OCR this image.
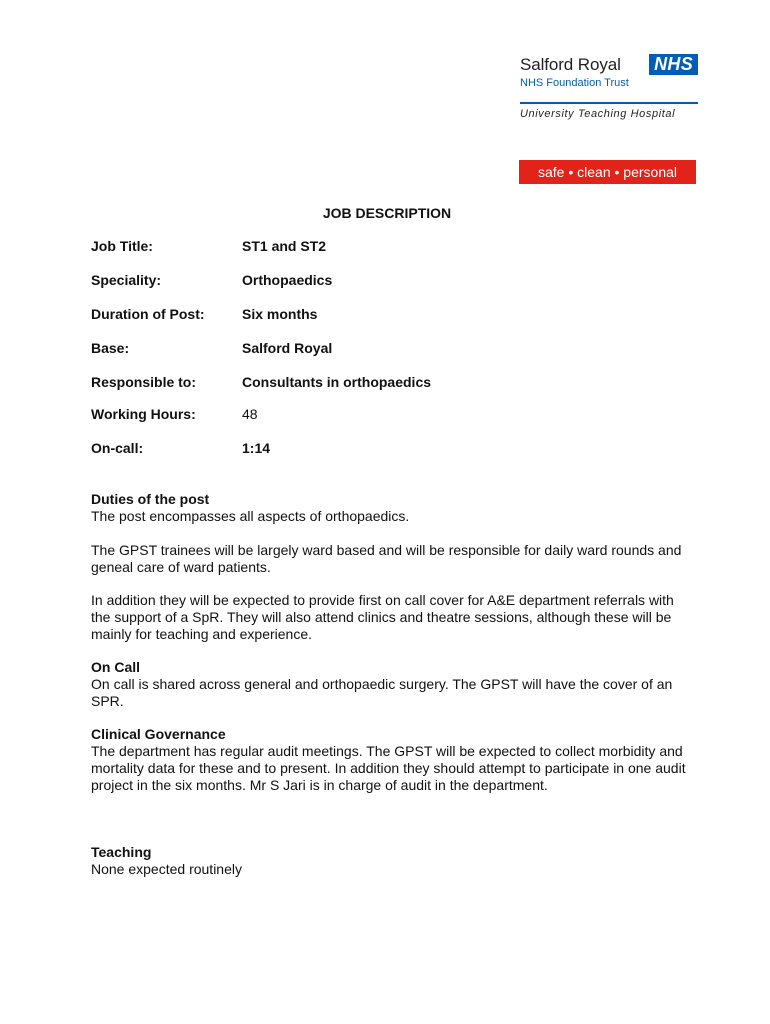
Salford Royal NHS
NHS Foundation Trust
University Teaching Hospital
safe • clean • personal
JOB DESCRIPTION
Job Title:	ST1 and ST2
Speciality:	Orthopaedics
Duration of Post:	Six months
Base:	Salford Royal
Responsible to:	Consultants in orthopaedics
Working Hours:	48
On-call:	1:14
Duties of the post
The post encompasses all aspects of orthopaedics.
The GPST trainees will be largely ward based and will be responsible for daily ward rounds and geneal care of ward patients.
In addition they will be expected to provide first on call cover for A&E department referrals with the support of a SpR. They will also attend clinics and theatre sessions, although these will be mainly for teaching and experience.
On Call
On call is shared across general and orthopaedic surgery. The GPST will have the cover of an SPR.
Clinical Governance
The department has regular audit meetings. The GPST will be expected to collect morbidity and mortality data for these and to present. In addition they should attempt to participate in one audit project in the six months. Mr S Jari is in charge of audit in the department.
Teaching
None expected routinely
